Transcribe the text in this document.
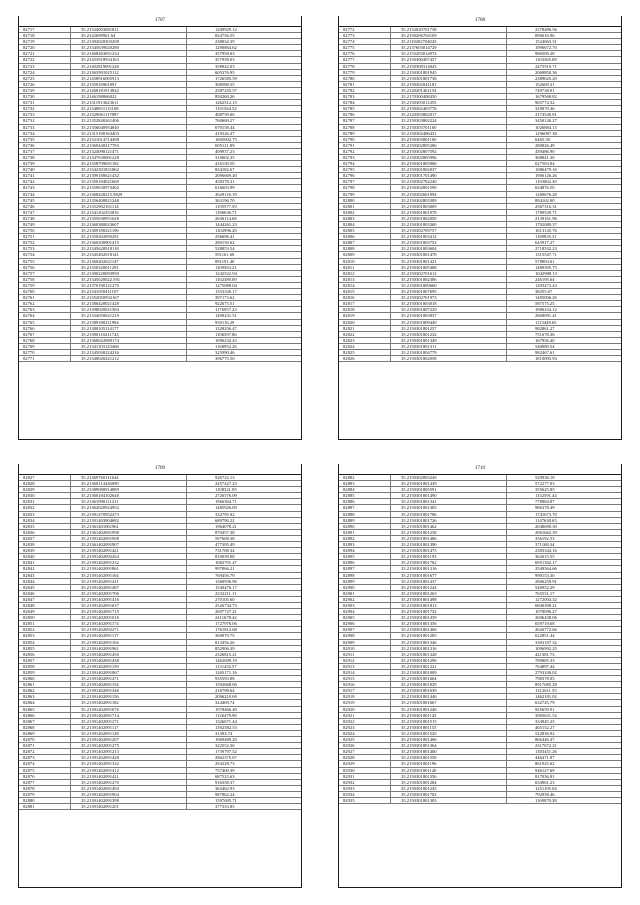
1707
82717	35.21324003081811	1209929.12
82718	35.2142699961.64	824756.55
82719	35.21392020303208	238034.39
82720	35.21345639020280	1290864.62
82721	35.21468263051234	357958.03
82722	35.21453918934163	357958.03
82723	35.21402819091246	358942.03
82724	35.21363991025112	605376.95
82725	35.21458916065913	1726585.59
82726	35.2135916961091	308588.55
82729	35.21268181913842	2587255.57
82730	35.2146198066022	850269.26
82731	35.21311913623611	1262512.15
82732	35.21348831115168	1191564.52
82733	35.21329061117887	408759.00
82732	35.21352840261406	760669.27
82733	35.21356040954840	670158.44
82734	35.21315190163403	419526.47
82735	35.21321014714498	1605602.75
82736	35.21369440317783	695121.89
82737	35.21324098121471	409937.23
82738	35.21347630081228	310602.35
82739	35.21358709691182	416150.50
82740	35.21342301831862	834182.67
82741	35.21399180621432	2096669.40
82742	35.21350184021669	458378.31
82743	35.21359630973402	616603.99
82744	35.21368428215.9829	2629116.19
82745	35.21356400821248	363196.70
82746	35.21352902101114	1195577.59
82747	35.21341102253816	1186636.71
82748	35.21355030951628	2636114.68
82749	35.21360380023607	1444261.23
82750	35.21309180221196	1102996.20
82751	35.21350302095281	256696.41
82752	35.21360200901415	280130.62
82753	35.21345620918118	528053.54
82754	35.21345402018141	591161.60
82755	35.21360402021147	891191.40
82756	35.21350320011291	1109563.21
82757	35.21390220093950	1242522.94
82758	35.21345020022.591	1102389.09
82759	35.21370190121270	1275088.04
82760	35.21341050411107	1553326.17
82761	35.21352050932167	397173.62
82762	35.21380420021428	922675.51
82763	35.21398020021584	1176957.23
82764	35.21334050021219	1490231.51
82765	35.21389180211984	950116.29
82766	35.21380105114177	1328256.47
82767	35.21390110211743	1106597.86
82768	35.21360022089174	1096232.43
82769	35.21341103123468	1168952.26
82770	35.21345030224216	325990.46
82771	35.21340020221212	396775.50
1708
82772	35.2132020701738	2378486.56
82773	35.2150206704109	896616.96
82774	35.2110202704043	1524063.31
82775	35.2137603014729	1996672.70
82776	35.2155203014974	986509.28
82777	35.2150300407457	1103365.08
82778	35.2150308314043	2475519.71
82779	35.2150301801945	2069850.36
82780	35.2150301801738	2389625.20
82781	35.2150302041181	152669.31
82782	35.2120201401154	749738.01
82783	35.2170300408450	1679568.82
82784	35.2150305011455	965774.32
82785	35.2150302403776	329870.36
82786	35.2120303802017	2174540.81
82787	35.2150303802224	3450126.27
82788	35.2150303701100	1026884.13
82789	35.2150302406431	1296087.38
82790	35.2150303801160	6465.50
82791	35.2150302805286	280826.49
82792	35.2150302807592	439486.90
82793	35.2150302805996	368841.30
82794	35.2150301805906	627563.84
82795	35.2150301802037	1086479.16
82796	35.2150301701490	1906126.26
82797	35.2150302702240	1193062.30
82798	35.2150302801590	634876.50
82799	35.2150302601994	1269676.28
82800	35.2150302803389	894162.00
82801	35.2150301803009	2567316.31
82802	35.2150301801978	1789539.71
82803	35.2150301802050	2139161.96
82804	35.2150301803360	1792089.37
82805	35.2150302709757	1613145.76
82806	35.2150301803412	1189835.31
82807	35.2150301803752	645917.27
82808	35.2150301803604	2718532.23
82809	35.2150301801478	1315547.71
82810	35.2150301801421	578803.61
82811	35.2150301805408	1489395.75
82812	35.2150302701612	1042988.13
82813	35.2150301802386	246195.64
82814	35.2150301809660	1293473.43
82815	35.2150301807695	38255.67
82816	35.2150302701973	1405006.26
82817	35.2150301803018	587575.25
82818	35.2150301807229	1986234.12
82819	35.2150301803837	2868091.41
82820	35.2150301809449	1113448.65
82821	35.2150301801257	982861.27
82822	35.2150301801232	751678.36
82823	35.2150301801349	167956.40
82824	35.2150301801311	540080.54
82825	35.2150301804779	982467.61
82826	35.2150301802058	1810095.93
1709
82827	35.21369760111644	926722.13
82828	35.21360114426099	2457427.23
82829	35.21389080914889	1108321.05
82830	35.21360184102648	2726576.09
82831	35.21361090111411	1966304.71
82832	35.21362020924952	1485926.89
82833	35.21391470952473	332795.92
82834	35.21391403904682	689790.22
82835	35.21361401061961	1964078.21
82836	35.21361402091998	870457.38
82837	35.21391402091908	597608.38
82838	35.21361402091907	477395.49
82839	35.21391402091421	731708.34
82840	35.21391402092264	810039.08
82841	35.21391402091232	1082701.47
82842	35.21391402091861	997066.21
82843	35.21391402091164	769456.79
82844	35.21391402091411	1360936.96
82845	35.21391402091487	1540476.17
82846	35.21391402091706	2232211.11
82847	35.21391402091416	270105.60
82848	35.21391402091637	2526734.73
82849	35.21391402091715	2697727.21
82850	35.21391402091016	2411678.42
82851	35.21391402091174	1727976.06
82852	35.21391402092271	1761812.68
82853	35.21391402091117	369979.75
82854	35.21391402091104	813456.26
82855	35.21391402091961	852906.39
82856	35.21391402091450	2326815.21
82857	35.21391402091438	1462699.19
82858	35.21391402091159	1131452.57
82859	35.21391402091067	1265171.16
82860	35.21391402091471	935593.88
82861	35.21391402091154	1592668.06
82862	35.21391402091346	216798.64
82863	35.21391402091156	2096210.69
82864	35.21391402091182	324469.74
82865	35.21391402091076	1978466.40
82866	35.21391402091714	1126479.98
82867	35.21391402091271	1326671.44
82868	35.21391402091117	1392582.53
82869	35.21391402091128	31393.74
82870	35.21391402091207	1969489.20
82871	35.21391402091275	322552.36
82872	35.21391402091213	1739797.52
82873	35.21391402091428	2862375.67
82874	35.21391402091332	294228.73
82875	35.21391402091412	757400.39
82876	35.21391402091421	687525.63
82877	35.21391402091270	916358.37
82878	35.21391402091494	363462.93
82879	35.21391402091904	987862.24
82880	35.21391402091398	1597695.71
82881	35.21391402091201	377333.85
1710
82882	35.2150302803249	529936.18
82883	35.2150301801439	572277.03
82884	35.2150301805591	355625.85
82885	35.2150301801490	1152591.44
82886	35.2150301801341	778984.87
82887	35.2150301801305	986378.49
82888	35.2150301801786	1741673.70
82889	35.2150301801726	1147630.65
82890	35.2150301801462	2048690.30
82891	35.2150301801238	2061662.39
82892	35.2150301801486	356192.53
82893	35.2150301801390	371168.34
82894	35.2150301801475	2383344.16
82895	35.2150301801193	362615.55
82896	35.2150301801762	6951302.17
82897	35.2150301801316	2549564.66
82898	35.2150301801677	990153.30
82899	35.2150301801437	2806259.91
82900	35.2150301801244	540952.29
82901	35.2150301801263	765531.17
82902	35.2150301801498	1272004.32
82903	35.2150301801813	6840398.21
82904	35.2150301801732	1078096.27
82905	35.2150301801439	2696438.06
82906	35.2150301801356	659719.68
82907	35.2150301801466	2626772.66
82908	35.2150301801285	622851.44
82909	35.2150301801346	3303187.32
82910	35.2150301801316	1096992.25
82911	35.2150301801328	421381.73
82912	35.2150301801290	789805.33
82913	35.2150301801221	764897.44
82914	35.2150301801009	2793100.02
82915	35.2150301801664	798378.05
82916	35.2150301801829	8917685.28
82917	35.2150301801639	1312611.55
82918	35.2150301801446	1462181.02
82919	35.2150301801667	632745.79
82920	35.2150301801246	925659.91
82921	35.2150301801145	3905631.52
82922	35.2150301801515	334945.23
82923	35.2150301801155	465152.27
82924	35.2150301801520	522836.92
82925	35.2150301801466	866446.47
82926	35.2150301801364	2317672.21
82927	35.2150301801400	1303451.26
82928	35.2150301801558	446471.87
82929	35.2150301801196	861925.62
82930	35.2150301801140	946127.69
82931	35.2150301801356	817036.91
82932	35.2150301801284	654961.23
82933	35.2150301801245	1251105.04
82934	35.2150301801702	792958.46
82935	35.2150301801303	1169070.38
